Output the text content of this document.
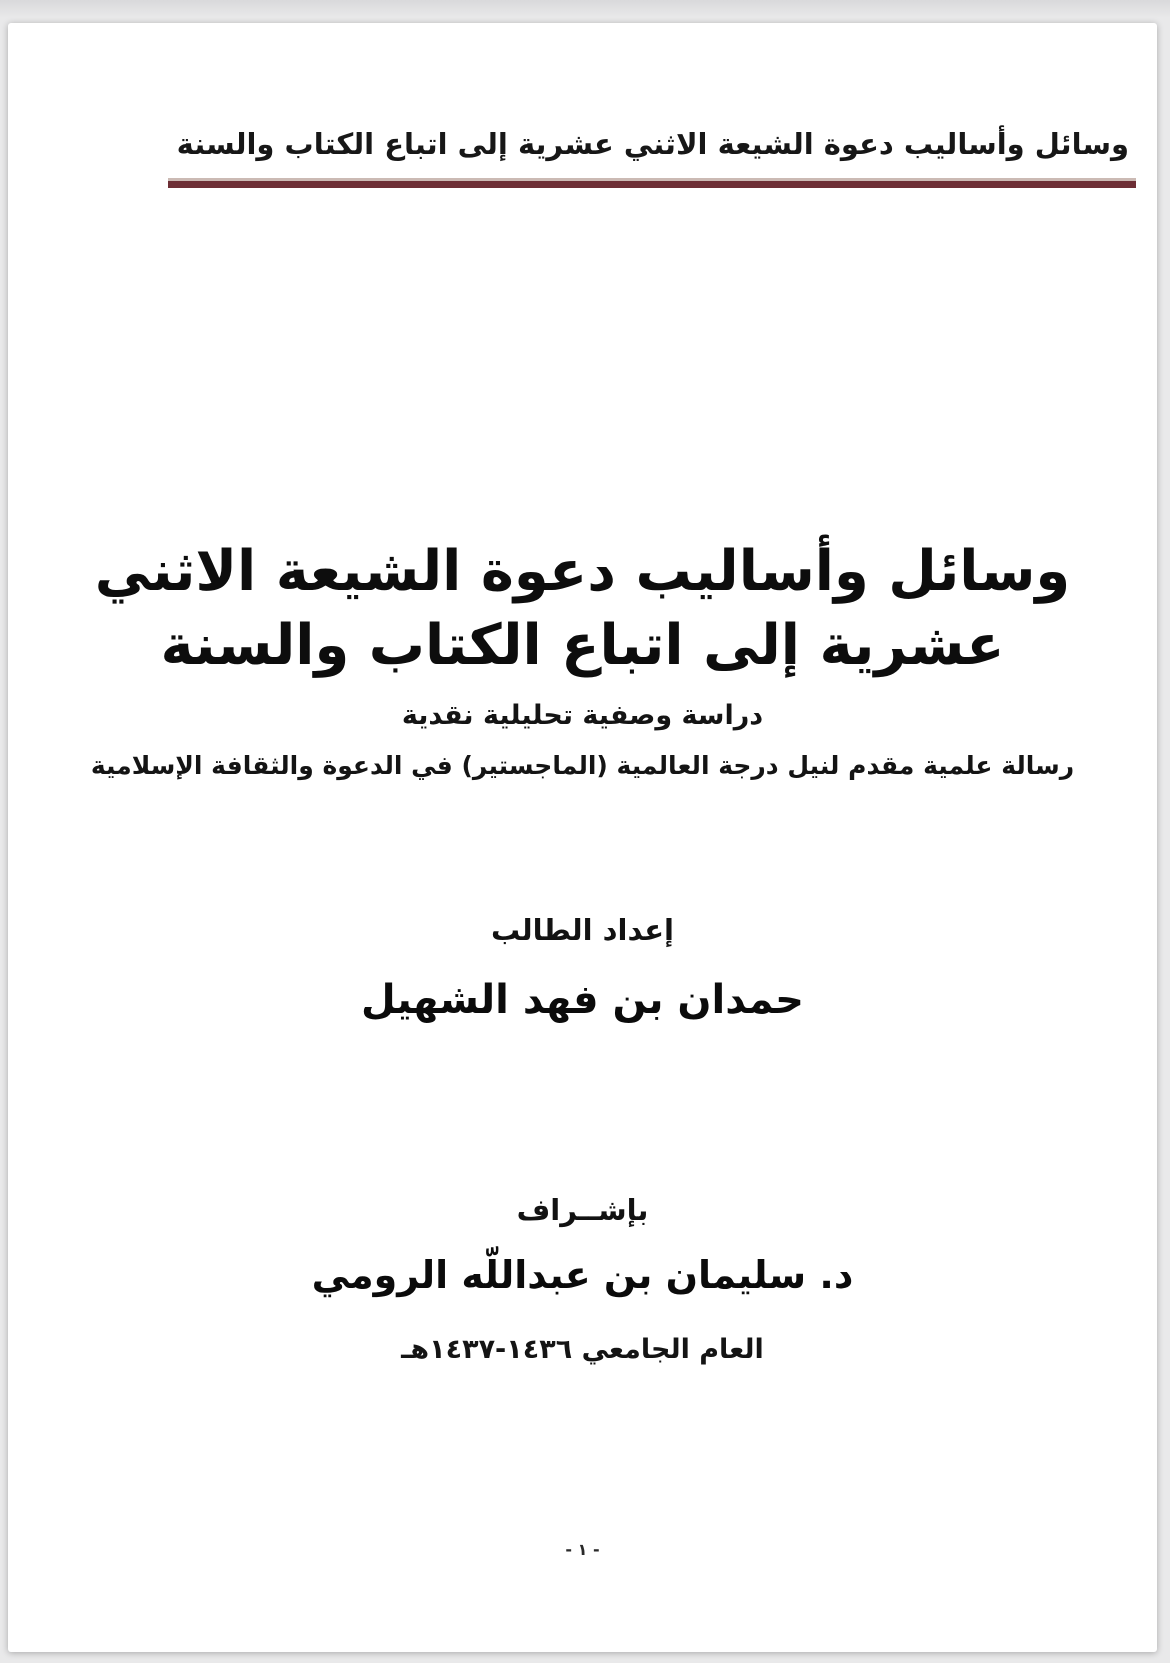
وسائل وأساليب دعوة الشيعة الاثني عشرية إلى اتباع الكتاب والسنة
وسائل وأساليب دعوة الشيعة الاثني
عشرية إلى اتباع الكتاب والسنة
دراسة وصفية تحليلية نقدية
رسالة علمية مقدم لنيل درجة العالمية (الماجستير) في الدعوة والثقافة الإسلامية
إعداد الطالب
حمدان بن فهد الشهيل
بإشــراف
د. سليمان بن عبداللّه الرومي
العام الجامعي ١٤٣٦-١٤٣٧هـ
- ١ -
